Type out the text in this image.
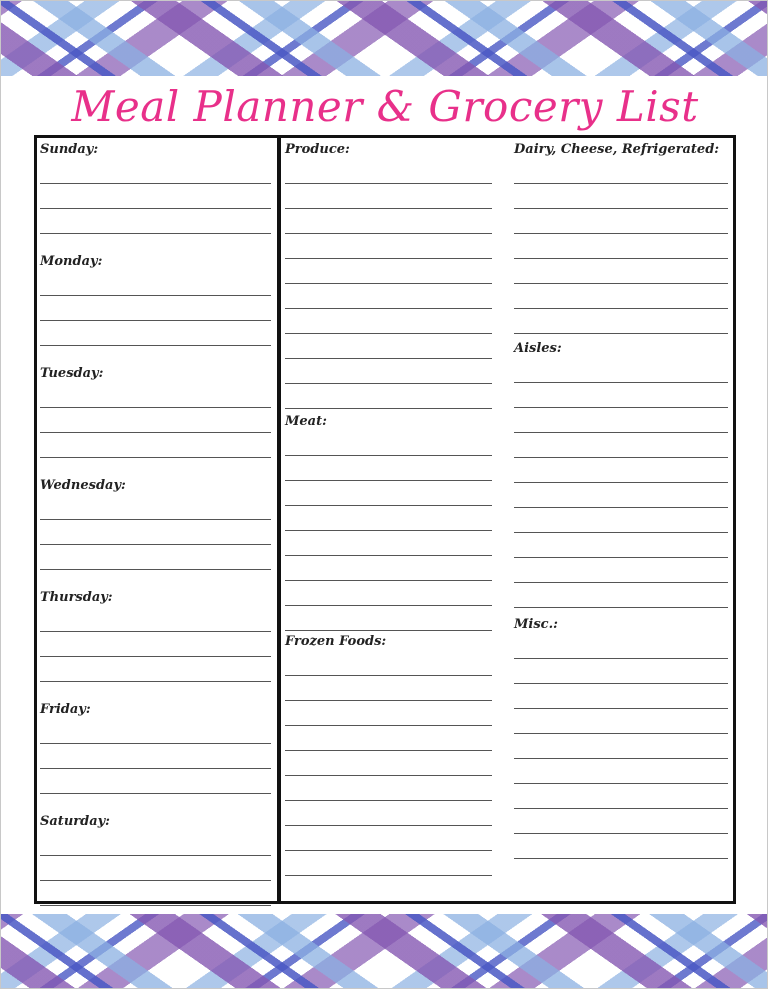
Meal Planner & Grocery List
Sunday:
Monday:
Tuesday:
Wednesday:
Thursday:
Friday:
Saturday:
Produce:
Meat:
Frozen Foods:
Dairy, Cheese, Refrigerated:
Aisles:
Misc.:
